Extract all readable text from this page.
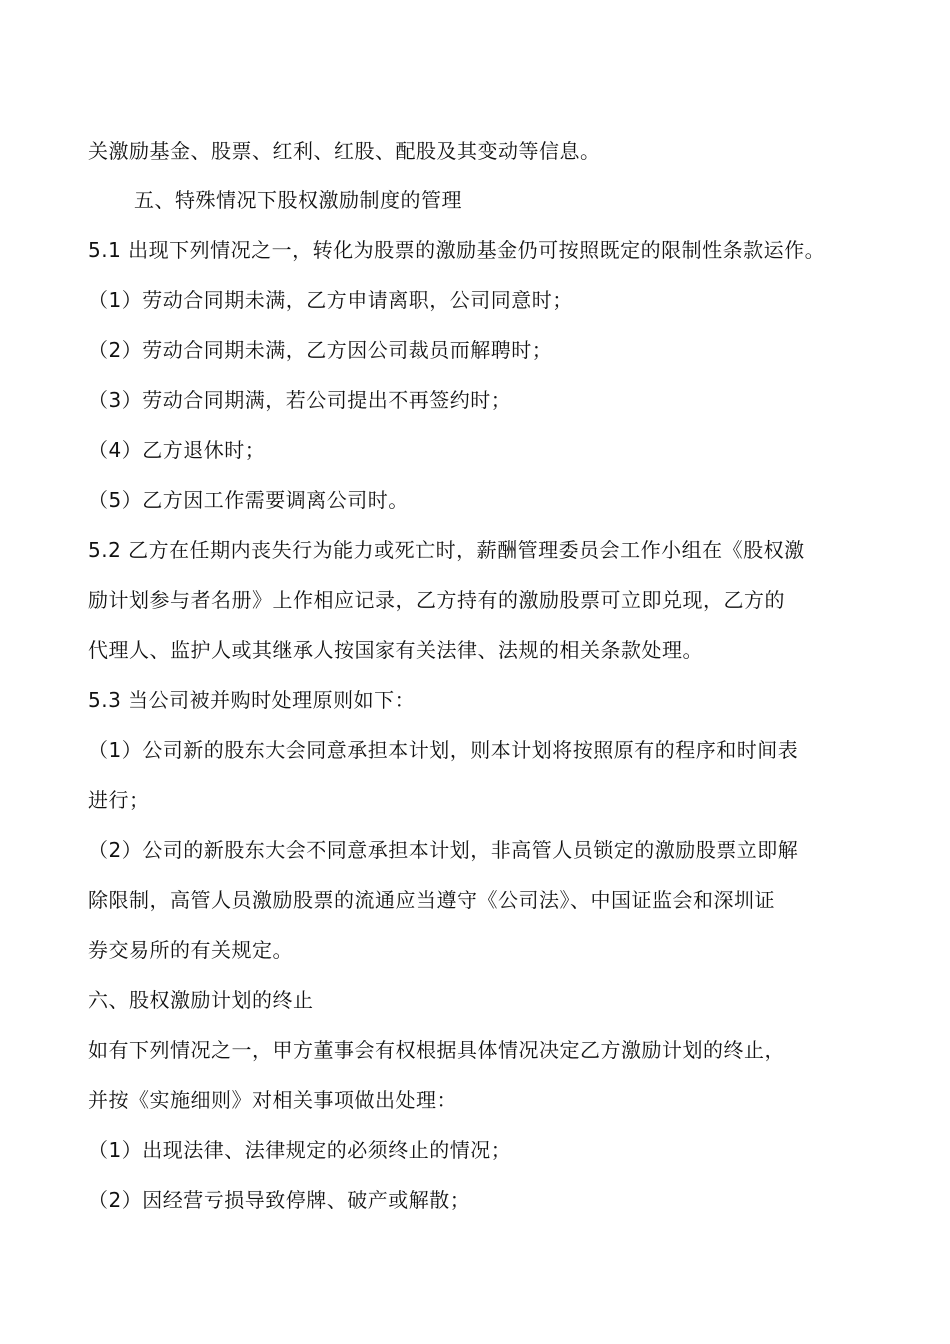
关激励基金、股票、红利、红股、配股及其变动等信息。
五、特殊情况下股权激励制度的管理
5.1 出现下列情况之一，转化为股票的激励基金仍可按照既定的限制性条款运作。
（1）劳动合同期未满，乙方申请离职，公司同意时；
（2）劳动合同期未满，乙方因公司裁员而解聘时；
（3）劳动合同期满，若公司提出不再签约时；
（4）乙方退休时；
（5）乙方因工作需要调离公司时。
5.2 乙方在任期内丧失行为能力或死亡时，薪酬管理委员会工作小组在《股权激
励计划参与者名册》上作相应记录，乙方持有的激励股票可立即兑现，乙方的
代理人、监护人或其继承人按国家有关法律、法规的相关条款处理。
5.3 当公司被并购时处理原则如下：
（1）公司新的股东大会同意承担本计划，则本计划将按照原有的程序和时间表
进行；
（2）公司的新股东大会不同意承担本计划，非高管人员锁定的激励股票立即解
除限制，高管人员激励股票的流通应当遵守《公司法》、中国证监会和深圳证
券交易所的有关规定。
六、股权激励计划的终止
如有下列情况之一，甲方董事会有权根据具体情况决定乙方激励计划的终止，
并按《实施细则》对相关事项做出处理：
（1）出现法律、法律规定的必须终止的情况；
（2）因经营亏损导致停牌、破产或解散；
